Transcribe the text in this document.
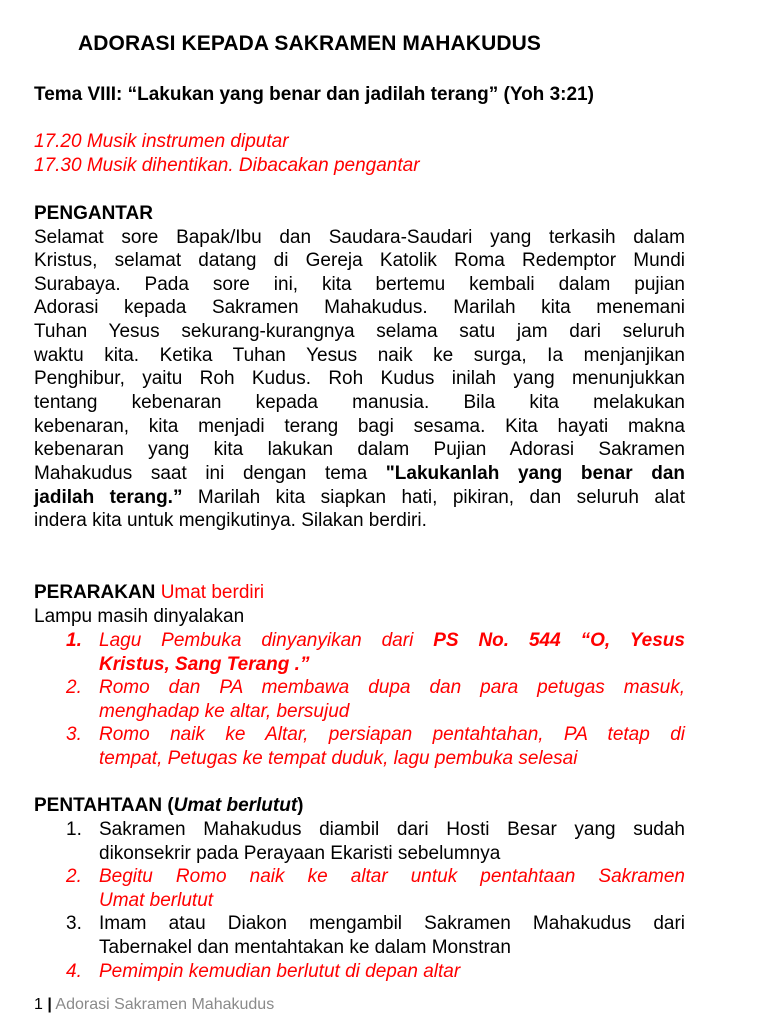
ADORASI KEPADA SAKRAMEN MAHAKUDUS
Tema VIII: “Lakukan yang benar dan jadilah terang” (Yoh 3:21)
17.20 Musik instrumen diputar
17.30 Musik dihentikan. Dibacakan pengantar
PENGANTAR
Selamat sore Bapak/Ibu dan Saudara-Saudari yang terkasih dalam
Kristus, selamat datang di Gereja Katolik Roma Redemptor Mundi
Surabaya. Pada sore ini, kita bertemu kembali dalam pujian
Adorasi kepada Sakramen Mahakudus. Marilah kita menemani
Tuhan Yesus sekurang-kurangnya selama satu jam dari seluruh
waktu kita. Ketika Tuhan Yesus naik ke surga, Ia menjanjikan
Penghibur, yaitu Roh Kudus. Roh Kudus inilah yang menunjukkan
tentang kebenaran kepada manusia. Bila kita melakukan
kebenaran, kita menjadi terang bagi sesama. Kita hayati makna
kebenaran yang kita lakukan dalam Pujian Adorasi Sakramen
Mahakudus saat ini dengan tema "Lakukanlah yang benar dan
jadilah terang.” Marilah kita siapkan hati, pikiran, dan seluruh alat
indera kita untuk mengikutinya. Silakan berdiri.
PERARAKAN Umat berdiri
Lampu masih dinyalakan
1. Lagu Pembuka dinyanyikan dari PS No. 544 “O, Yesus
Kristus, Sang Terang .”
2. Romo dan PA membawa dupa dan para petugas masuk,
menghadap ke altar, bersujud
3. Romo naik ke Altar, persiapan pentahtahan, PA tetap di
tempat, Petugas ke tempat duduk, lagu pembuka selesai
PENTAHTAAN (Umat berlutut)
1. Sakramen Mahakudus diambil dari Hosti Besar yang sudah
dikonsekrir pada Perayaan Ekaristi sebelumnya
2. Begitu Romo naik ke altar untuk pentahtaan Sakramen
Umat berlutut
3. Imam atau Diakon mengambil Sakramen Mahakudus dari
Tabernakel dan mentahtakan ke dalam Monstran
4. Pemimpin kemudian berlutut di depan altar
1 | Adorasi Sakramen Mahakudus
